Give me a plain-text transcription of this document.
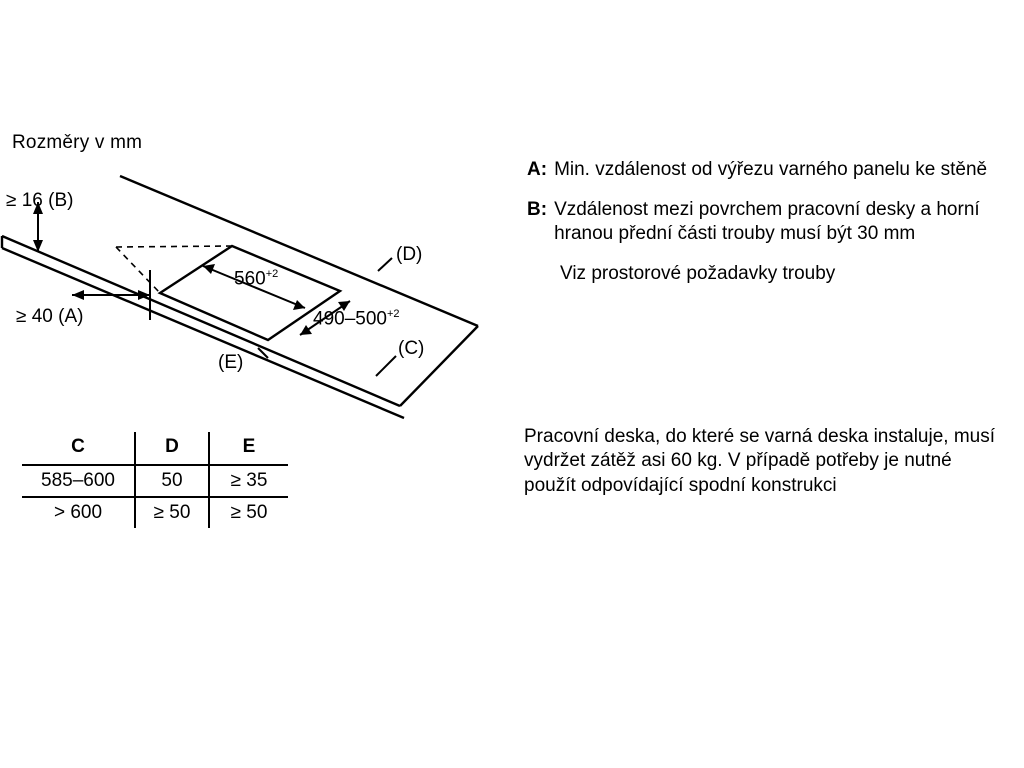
Rozměry v mm
≥ 16 (B)
≥ 40 (A)
$560^{+2}$
$490-500^{+2}$
(D)
(C)
(E)
C	D	E
585–600	50	≥ 35
> 600	≥ 50	≥ 50
A: Min. vzdálenost od výřezu varného panelu ke stěně
B: Vzdálenost mezi povrchem pracovní desky a horní hranou přední části trouby musí být 30 mm
Viz prostorové požadavky trouby
Pracovní deska, do které se varná deska instaluje, musí vydržet zátěž asi 60 kg. V případě potřeby je nutné použít odpovídající spodní konstrukci
